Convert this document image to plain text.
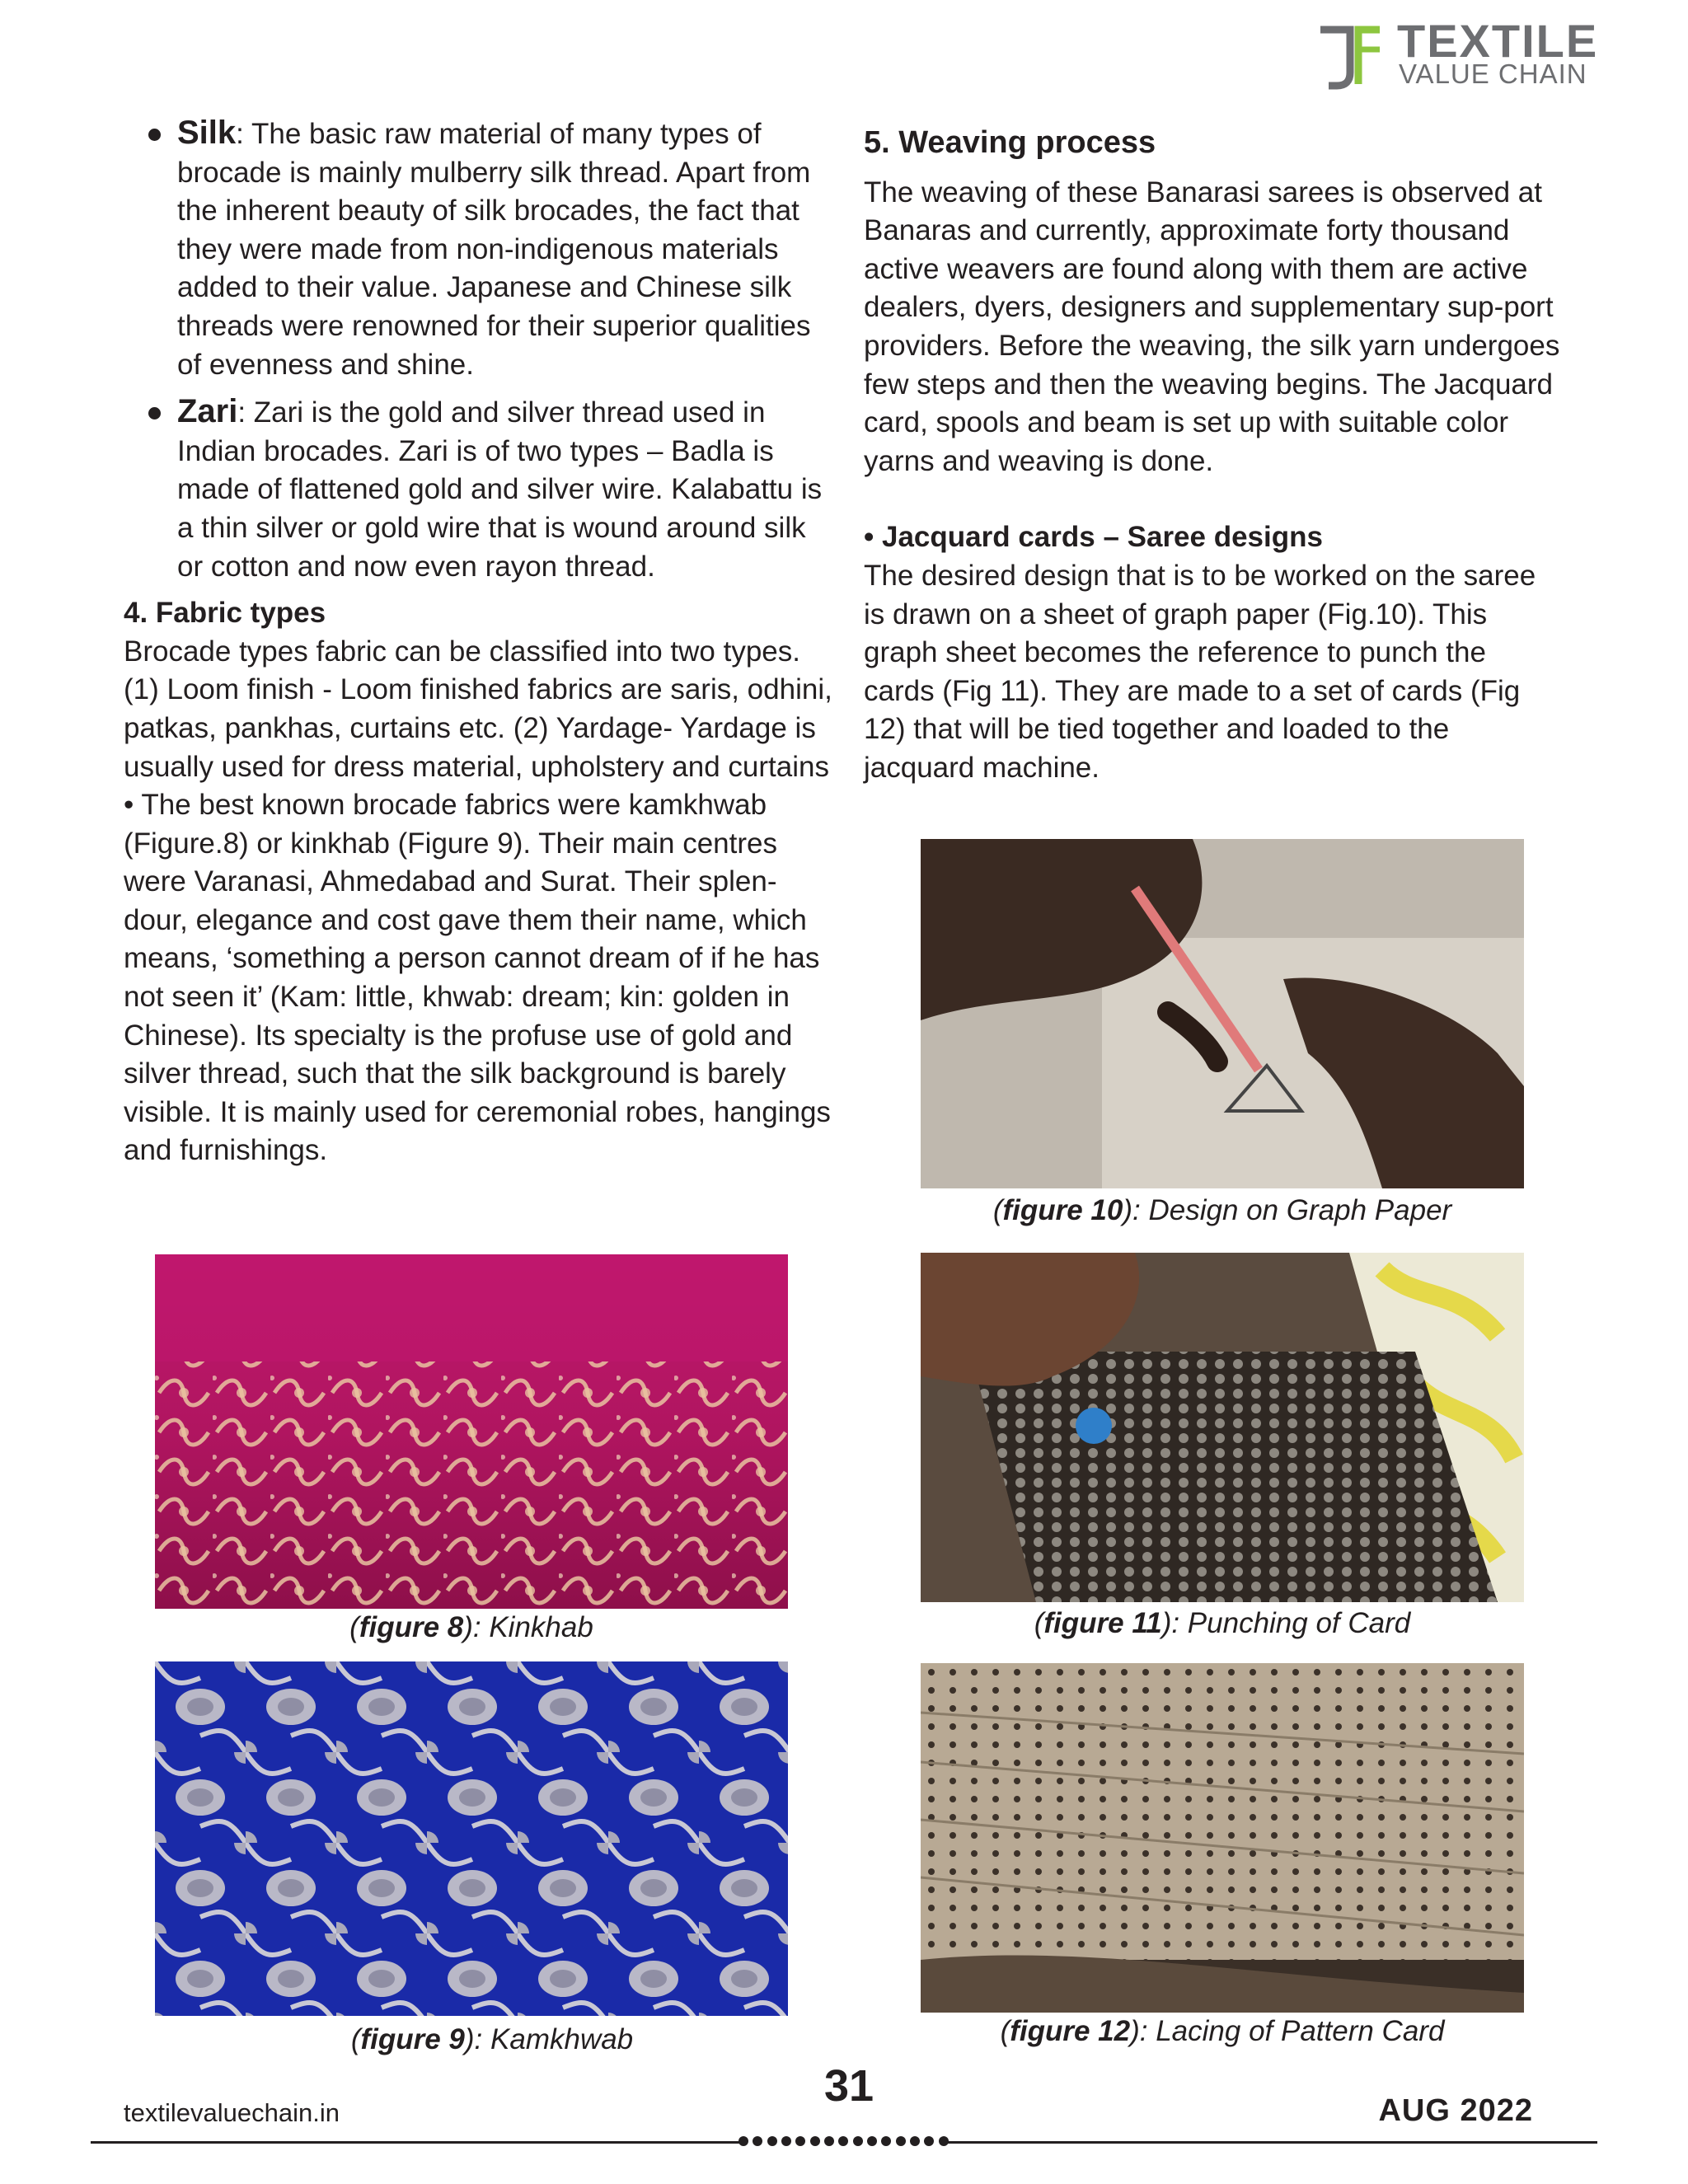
TEXTILE
VALUE CHAIN
Silk: The basic raw material of many types of brocade is mainly mulberry silk thread. Apart from the inherent beauty of silk brocades, the fact that they were made from non-indigenous materials added to their value. Japanese and Chinese silk threads were renowned for their superior qualities of evenness and shine.
Zari: Zari is the gold and silver thread used in Indian brocades. Zari is of two types – Badla is made of flattened gold and silver wire. Kalabattu is a thin silver or gold wire that is wound around silk or cotton and now even rayon thread.
4. Fabric types

Brocade types fabric can be classified into two types. (1) Loom finish - Loom finished fabrics are saris, odhini, patkas, pankhas, curtains etc. (2) Yardage- Yardage is usually used for dress material, upholstery and curtains

• The best known brocade fabrics were kamkhwab (Figure.8) or kinkhab (Figure 9). Their main centres were Varanasi, Ahmedabad and Surat. Their splen-dour, elegance and cost gave them their name, which means, ‘something a person cannot dream of if he has not seen it’ (Kam: little, khwab: dream; kin: golden in Chinese). Its specialty is the profuse use of gold and silver thread, such that the silk background is barely visible. It is mainly used for ceremonial robes, hangings and furnishings.

5. Weaving process

The weaving of these Banarasi sarees is observed at Banaras and currently, approximate forty thousand active weavers are found along with them are active dealers, dyers, designers and supplementary sup-port providers. Before the weaving, the silk yarn undergoes few steps and then the weaving begins. The Jacquard card, spools and beam is set up with suitable color yarns and weaving is done.

• Jacquard cards – Saree designs

The desired design that is to be worked on the saree is drawn on a sheet of graph paper (Fig.10). This graph sheet becomes the reference to punch the cards (Fig 11). They are made to a set of cards (Fig 12) that will be tied together and loaded to the jacquard machine.

(figure 8): Kinkhab
(figure 9): Kamkhwab
(figure 10): Design on Graph Paper
(figure 11): Punching of Card
(figure 12): Lacing of Pattern Card
textilevaluechain.in
31	AUG 2022
